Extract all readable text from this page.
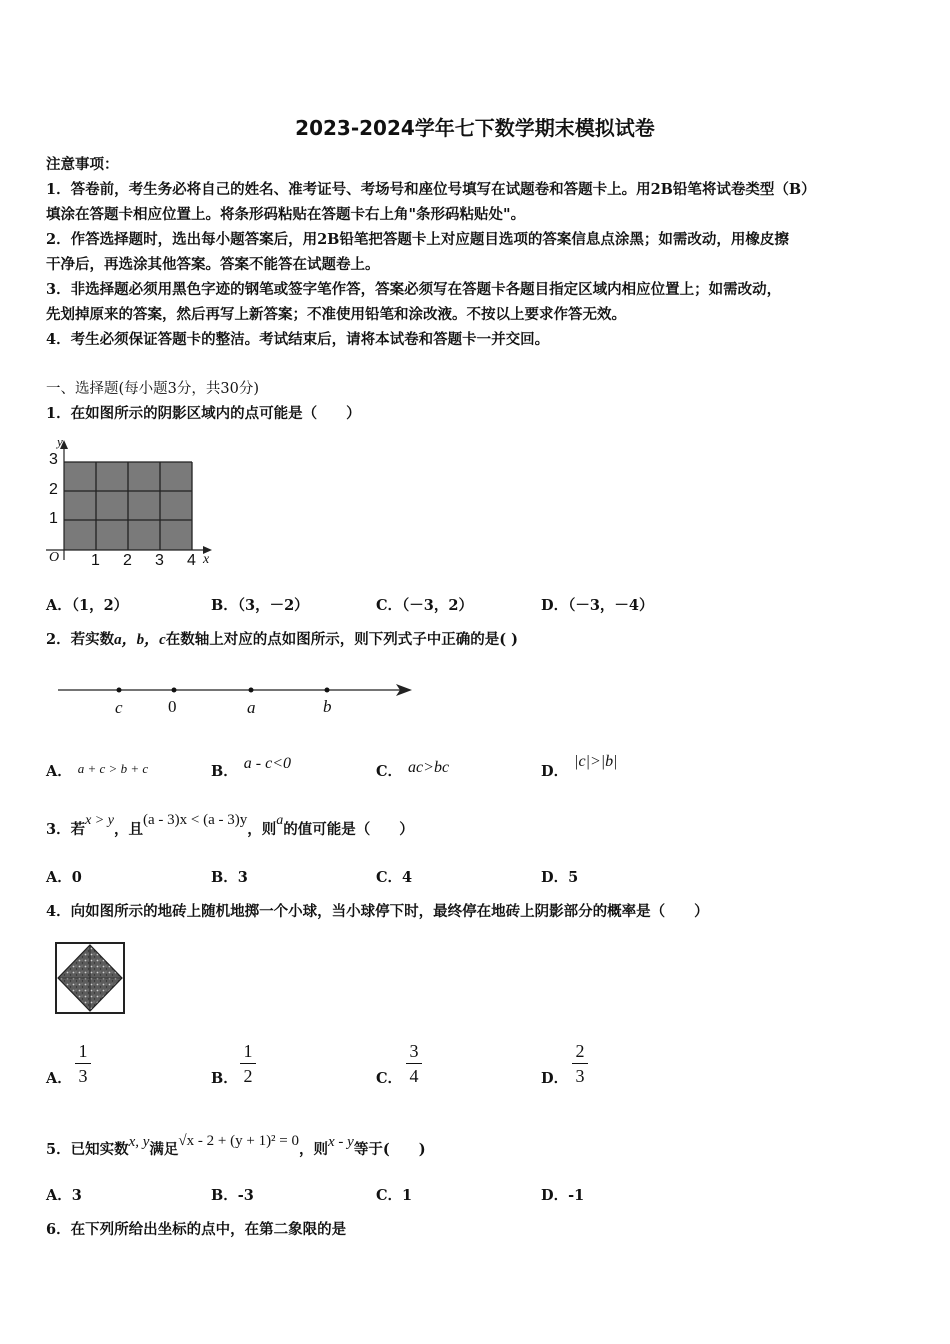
2023-2024学年七下数学期末模拟试卷
注意事项：
1．答卷前，考生务必将自己的姓名、准考证号、考场号和座位号填写在试题卷和答题卡上。用2B铅笔将试卷类型（B）
填涂在答题卡相应位置上。将条形码粘贴在答题卡右上角"条形码粘贴处"。
2．作答选择题时，选出每小题答案后，用2B铅笔把答题卡上对应题目选项的答案信息点涂黑；如需改动，用橡皮擦
干净后，再选涂其他答案。答案不能答在试题卷上。
3．非选择题必须用黑色字迹的钢笔或签字笔作答，答案必须写在答题卡各题目指定区域内相应位置上；如需改动，
先划掉原来的答案，然后再写上新答案；不准使用铅笔和涂改液。不按以上要求作答无效。
4．考生必须保证答题卡的整洁。考试结束后，请将本试卷和答题卡一并交回。
一、选择题(每小题3分，共30分)
1．在如图所示的阴影区域内的点可能是（　　）
y
x
O
3
2
1
1 2 3 4
A．（1，2）	B．（3，－2）	C．（－3，2）	D．（－3，－4）
2．若实数a，b，c在数轴上对应的点如图所示，则下列式子中正确的是( )
c	0	a	b
A． a + c > b + c	B． a - c<0	C． ac>bc	D．|c|>|b|
3．若x > y，且(a - 3)x < (a - 3)y，则a的值可能是（　　）
A．0	B．3	C．4	D．5
4．向如图所示的地砖上随机地掷一个小球，当小球停下时，最终停在地砖上阴影部分的概率是（　　）
A．
1
3	B．
1
2	C．
3
4	D．
2
3
5．已知实数x, y满足√x - 2 + (y + 1)² = 0，则x - y等于(　　)
A．3	B．-3	C．1	D．-1
6．在下列所给出坐标的点中，在第二象限的是
